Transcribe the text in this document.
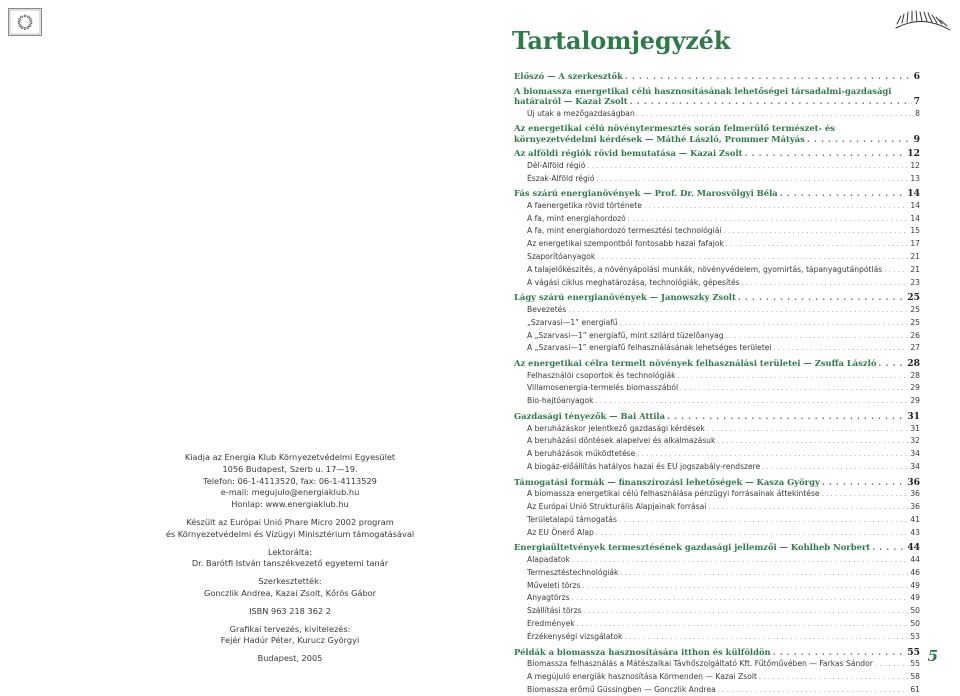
Kiadja az Energia Klub Környezetvédelmi Egyesület
1056 Budapest, Szerb u. 17—19.
Telefon: 06-1-4113520, fax: 06-1-4113529
e-mail: megujulo@energiaklub.hu
Honlap: www.energiaklub.hu
Készült az Európai Unió Phare Micro 2002 program
és Környezetvédelmi és Vízügyi Minisztérium támogatásával
Lektorálta:
Dr. Barótfi István tanszékvezető egyetemi tanár
Szerkesztették:
Gonczlik Andrea, Kazai Zsolt, Kőrös Gábor
ISBN 963 218 362 2
Grafikai tervezés, kivitelezés:
Fejér Hadúr Péter, Kurucz Györgyi
Budapest, 2005
Tartalomjegyzék
Előszó — A szerkesztők . . .	6
A biomassza energetikai célú hasznosításának lehetőségei társadalmi-gazdasági
határairól — Kazai Zsolt . . .	7
Új utak a mezőgazdaságban . . .	8
Az energetikai célú növénytermesztés során felmerülő természet- és
környezetvédelmi kérdések — Máthé László, Prommer Mátyás . . .	9
Az alföldi régiók rövid bemutatása — Kazai Zsolt . . .	12
Dél-Alföld régió . . .	12
Észak-Alföld régió . . .	13
Fás szárú energianövények — Prof. Dr. Marosvölgyi Béla . . .	14
A faenergetika rövid története . . .	14
A fa, mint energiahordozó . . .	14
A fa, mint energiahordozó termesztési technológiái . . .	15
Az energetikai szempontból fontosabb hazai fafajok . . .	17
Szaporítóanyagok . . .	21
A talajelőkészítés, a növényápolási munkák, növényvédelem, gyomirtás, tápanyagutánpótlás . . .	21
A vágási ciklus meghatározása, technológiák, gépesítés . . .	23
Lágy szárú energianövények — Janowszky Zsolt . . .	25
Bevezetés . . .	25
„Szarvasi—1” energiafű . . .	25
A „Szarvasi—1” energiafű, mint szilárd tüzelőanyag . . .	26
A „Szarvasi—1” energiafű felhasználásának lehetséges területei . . .	27
Az energetikai célra termelt növények felhasználási területei — Zsuffa László . . .	28
Felhasználói csoportok és technológiák . . .	28
Villamosenergia-termelés biomasszából . . .	29
Bio-hajtóanyagok . . .	29
Gazdasági tényezők — Bai Attila . . .	31
A beruházáskor jelentkező gazdasági kérdések . . .	31
A beruházási döntések alapelvei és alkalmazásuk . . .	32
A beruházások működtetése . . .	34
A biogáz-előállítás hatályos hazai és EU jogszabály-rendszere . . .	34
Támogatási formák — finanszírozási lehetőségek — Kasza György . . .	36
A biomassza energetikai célú felhasználása pénzügyi forrásainak áttekintése . . .	36
Az Európai Unió Strukturális Alapjainak forrásai . . .	36
Területalapú támogatás . . .	41
Az EU Önerő Alap . . .	43
Energiaültetvények termesztésének gazdasági jellemzői — Kohlheb Norbert . . .	44
Alapadatok . . .	44
Termesztéstechnológiák . . .	46
Műveleti törzs . . .	49
Anyagtörzs . . .	49
Szállítási törzs . . .	50
Eredmények . . .	50
Érzékenységi vizsgálatok . . .	53
Példák a biomassza hasznosítására itthon és külföldön . . .	55
Biomassza felhasználás a Mátészalkai Távhőszolgáltató Kft. Fűtőművében — Farkas Sándor . . .	55
A megújuló energiák hasznosítása Körmenden — Kazai Zsolt . . .	58
Biomassza erőmű Güssingben — Gonczlik Andrea . . .	61

5
